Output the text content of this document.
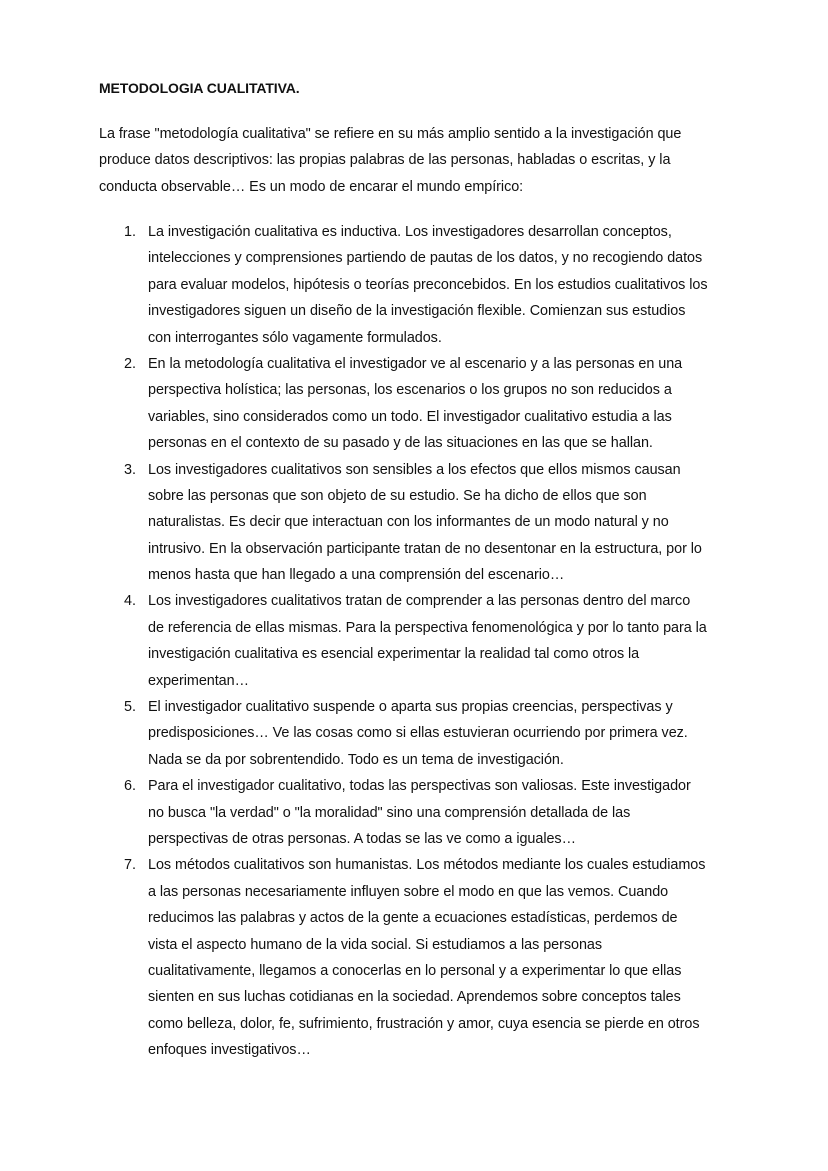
METODOLOGIA CUALITATIVA.
La frase "metodología cualitativa" se refiere en su más amplio sentido a la investigación que
produce datos descriptivos: las propias palabras de las personas, habladas o escritas, y la
conducta observable… Es un modo de encarar el mundo empírico:
1. La investigación cualitativa es inductiva. Los investigadores desarrollan conceptos,
intelecciones y comprensiones partiendo de pautas de los datos, y no recogiendo datos
para evaluar modelos, hipótesis o teorías preconcebidos. En los estudios cualitativos los
investigadores siguen un diseño de la investigación flexible. Comienzan sus estudios
con interrogantes sólo vagamente formulados.
2. En la metodología cualitativa el investigador ve al escenario y a las personas en una
perspectiva holística; las personas, los escenarios o los grupos no son reducidos a
variables, sino considerados como un todo. El investigador cualitativo estudia a las
personas en el contexto de su pasado y de las situaciones en las que se hallan.
3. Los investigadores cualitativos son sensibles a los efectos que ellos mismos causan
sobre las personas que son objeto de su estudio. Se ha dicho de ellos que son
naturalistas. Es decir que interactuan con los informantes de un modo natural y no
intrusivo. En la observación participante tratan de no desentonar en la estructura, por lo
menos hasta que han llegado a una comprensión del escenario…
4. Los investigadores cualitativos tratan de comprender a las personas dentro del marco
de referencia de ellas mismas. Para la perspectiva fenomenológica y por lo tanto para la
investigación cualitativa es esencial experimentar la realidad tal como otros la
experimentan…
5. El investigador cualitativo suspende o aparta sus propias creencias, perspectivas y
predisposiciones… Ve las cosas como si ellas estuvieran ocurriendo por primera vez.
Nada se da por sobrentendido. Todo es un tema de investigación.
6. Para el investigador cualitativo, todas las perspectivas son valiosas. Este investigador
no busca "la verdad" o "la moralidad" sino una comprensión detallada de las
perspectivas de otras personas. A todas se las ve como a iguales…
7. Los métodos cualitativos son humanistas. Los métodos mediante los cuales estudiamos
a las personas necesariamente influyen sobre el modo en que las vemos. Cuando
reducimos las palabras y actos de la gente a ecuaciones estadísticas, perdemos de
vista el aspecto humano de la vida social. Si estudiamos a las personas
cualitativamente, llegamos a conocerlas en lo personal y a experimentar lo que ellas
sienten en sus luchas cotidianas en la sociedad. Aprendemos sobre conceptos tales
como belleza, dolor, fe, sufrimiento, frustración y amor, cuya esencia se pierde en otros
enfoques investigativos…
